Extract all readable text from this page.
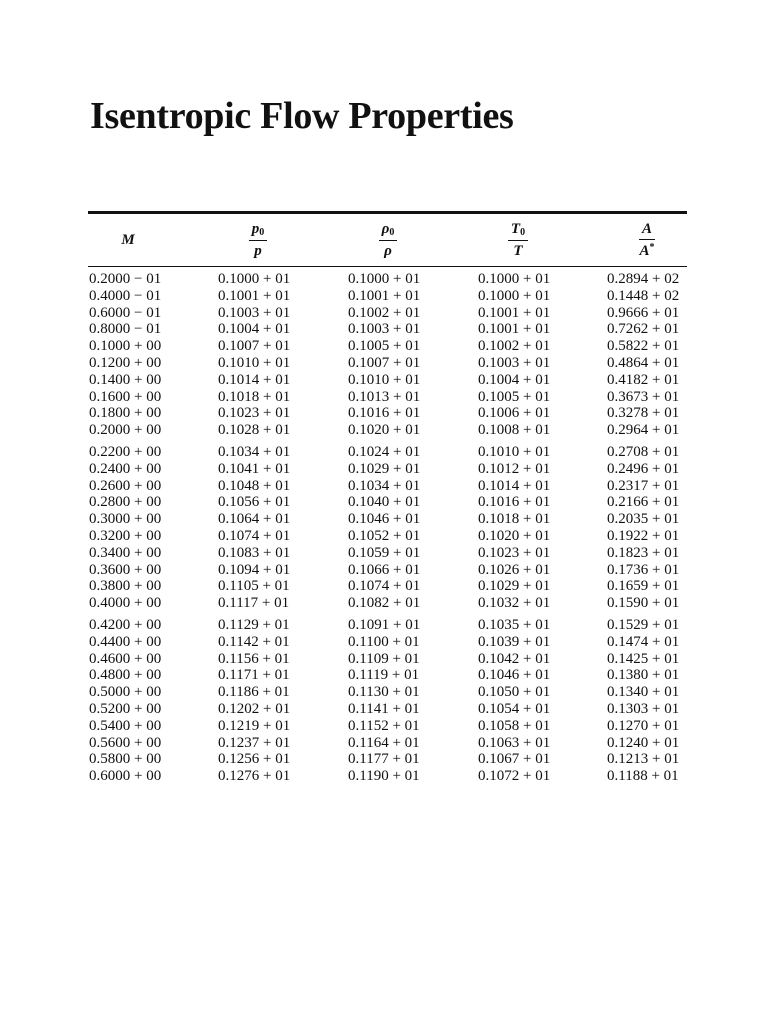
Isentropic Flow Properties
M	$\frac{p_0}{p}$	$\frac{\rho_0}{\rho}$	$\frac{T_0}{T}$	$\frac{A}{A^*}$
0.2000 − 01	0.1000 + 01	0.1000 + 01	0.1000 + 01	0.2894 + 02
0.4000 − 01	0.1001 + 01	0.1001 + 01	0.1000 + 01	0.1448 + 02
0.6000 − 01	0.1003 + 01	0.1002 + 01	0.1001 + 01	0.9666 + 01
0.8000 − 01	0.1004 + 01	0.1003 + 01	0.1001 + 01	0.7262 + 01
0.1000 + 00	0.1007 + 01	0.1005 + 01	0.1002 + 01	0.5822 + 01
0.1200 + 00	0.1010 + 01	0.1007 + 01	0.1003 + 01	0.4864 + 01
0.1400 + 00	0.1014 + 01	0.1010 + 01	0.1004 + 01	0.4182 + 01
0.1600 + 00	0.1018 + 01	0.1013 + 01	0.1005 + 01	0.3673 + 01
0.1800 + 00	0.1023 + 01	0.1016 + 01	0.1006 + 01	0.3278 + 01
0.2000 + 00	0.1028 + 01	0.1020 + 01	0.1008 + 01	0.2964 + 01
0.2200 + 00	0.1034 + 01	0.1024 + 01	0.1010 + 01	0.2708 + 01
0.2400 + 00	0.1041 + 01	0.1029 + 01	0.1012 + 01	0.2496 + 01
0.2600 + 00	0.1048 + 01	0.1034 + 01	0.1014 + 01	0.2317 + 01
0.2800 + 00	0.1056 + 01	0.1040 + 01	0.1016 + 01	0.2166 + 01
0.3000 + 00	0.1064 + 01	0.1046 + 01	0.1018 + 01	0.2035 + 01
0.3200 + 00	0.1074 + 01	0.1052 + 01	0.1020 + 01	0.1922 + 01
0.3400 + 00	0.1083 + 01	0.1059 + 01	0.1023 + 01	0.1823 + 01
0.3600 + 00	0.1094 + 01	0.1066 + 01	0.1026 + 01	0.1736 + 01
0.3800 + 00	0.1105 + 01	0.1074 + 01	0.1029 + 01	0.1659 + 01
0.4000 + 00	0.1117 + 01	0.1082 + 01	0.1032 + 01	0.1590 + 01
0.4200 + 00	0.1129 + 01	0.1091 + 01	0.1035 + 01	0.1529 + 01
0.4400 + 00	0.1142 + 01	0.1100 + 01	0.1039 + 01	0.1474 + 01
0.4600 + 00	0.1156 + 01	0.1109 + 01	0.1042 + 01	0.1425 + 01
0.4800 + 00	0.1171 + 01	0.1119 + 01	0.1046 + 01	0.1380 + 01
0.5000 + 00	0.1186 + 01	0.1130 + 01	0.1050 + 01	0.1340 + 01
0.5200 + 00	0.1202 + 01	0.1141 + 01	0.1054 + 01	0.1303 + 01
0.5400 + 00	0.1219 + 01	0.1152 + 01	0.1058 + 01	0.1270 + 01
0.5600 + 00	0.1237 + 01	0.1164 + 01	0.1063 + 01	0.1240 + 01
0.5800 + 00	0.1256 + 01	0.1177 + 01	0.1067 + 01	0.1213 + 01
0.6000 + 00	0.1276 + 01	0.1190 + 01	0.1072 + 01	0.1188 + 01
